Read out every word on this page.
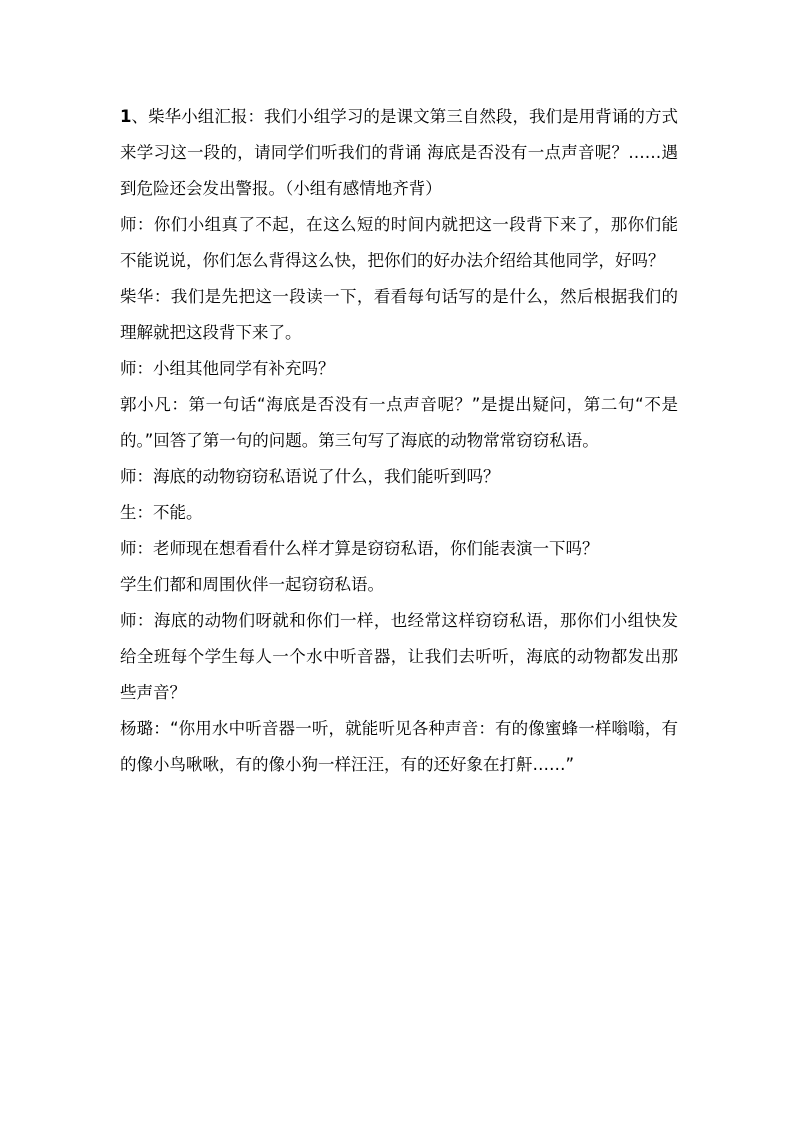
1、柴华小组汇报：我们小组学习的是课文第三自然段，我们是用背诵的方式来学习这一段的，请同学们听我们的背诵 海底是否没有一点声音呢？……遇到危险还会发出警报。（小组有感情地齐背）

师：你们小组真了不起，在这么短的时间内就把这一段背下来了，那你们能不能说说，你们怎么背得这么快，把你们的好办法介绍给其他同学，好吗？

柴华：我们是先把这一段读一下，看看每句话写的是什么，然后根据我们的理解就把这段背下来了。

师：小组其他同学有补充吗？

郭小凡：第一句话“海底是否没有一点声音呢？”是提出疑问，第二句“不是的。”回答了第一句的问题。第三句写了海底的动物常常窃窃私语。

师：海底的动物窃窃私语说了什么，我们能听到吗？

生：不能。

师：老师现在想看看什么样才算是窃窃私语，你们能表演一下吗？

学生们都和周围伙伴一起窃窃私语。

师：海底的动物们呀就和你们一样，也经常这样窃窃私语，那你们小组快发给全班每个学生每人一个水中听音器，让我们去听听，海底的动物都发出那些声音？

杨璐：“你用水中听音器一听，就能听见各种声音：有的像蜜蜂一样嗡嗡，有的像小鸟啾啾，有的像小狗一样汪汪，有的还好象在打鼾……”
